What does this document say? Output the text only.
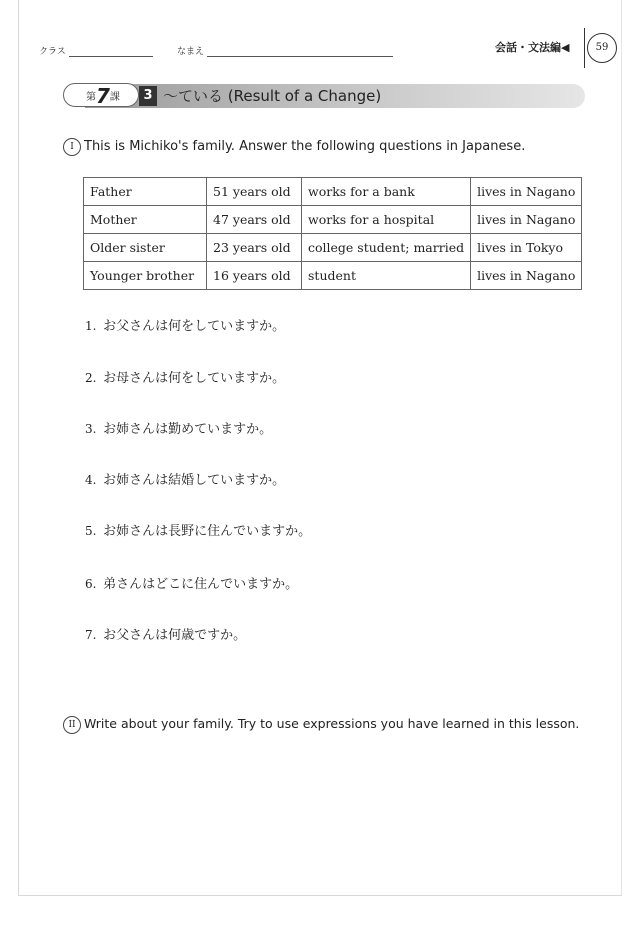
クラス	なまえ	会話・文法編◀	59
第7課	3 〜ている (Result of a Change)
I This is Michiko's family. Answer the following questions in Japanese.
Father	51 years old	works for a bank	lives in Nagano
Mother	47 years old	works for a hospital	lives in Nagano
Older sister	23 years old	college student; married	lives in Tokyo
Younger brother	16 years old	student	lives in Nagano
1. お父さんは何をしていますか。
2. お母さんは何をしていますか。
3. お姉さんは勤めていますか。
4. お姉さんは結婚していますか。
5. お姉さんは長野に住んでいますか。
6. 弟さんはどこに住んでいますか。
7. お父さんは何歳ですか。
II Write about your family. Try to use expressions you have learned in this lesson.
